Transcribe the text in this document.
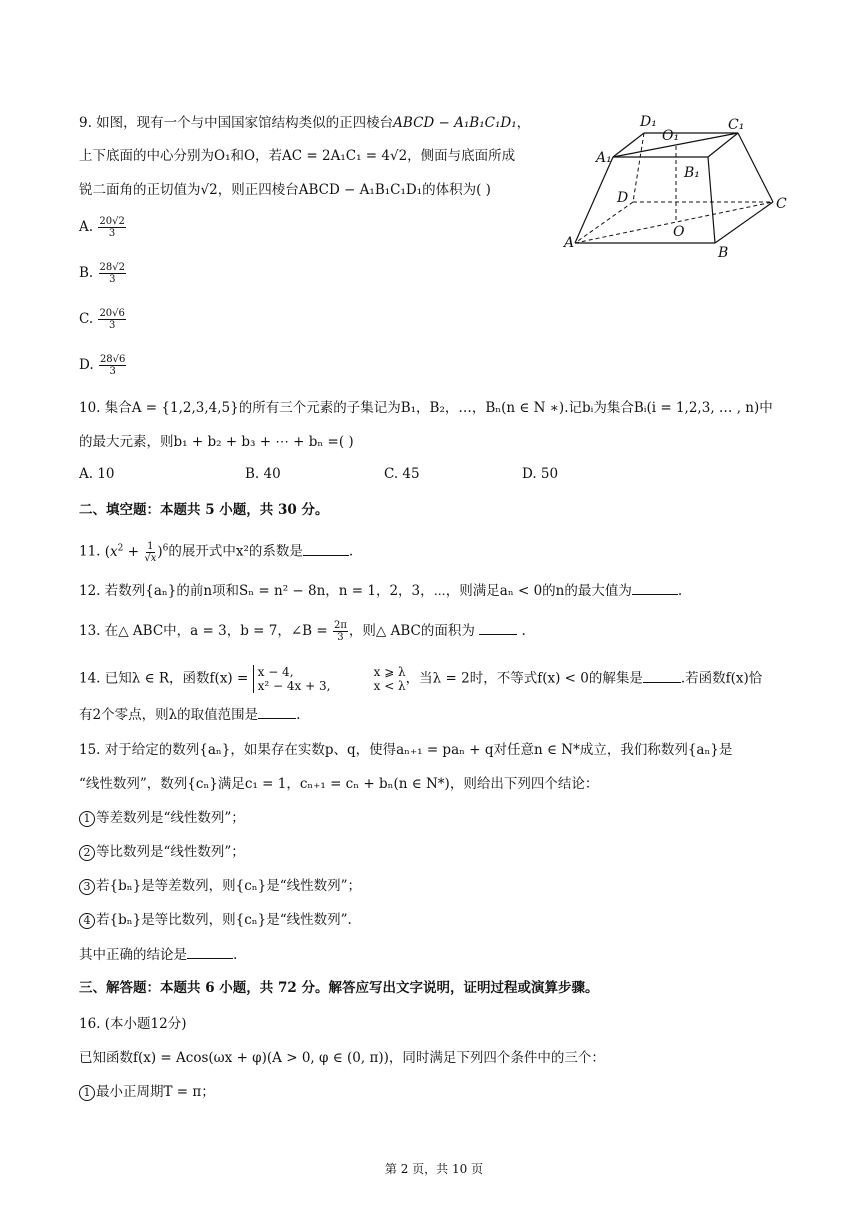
9. 如图，现有一个与中国国家馆结构类似的正四棱台ABCD − A₁B₁C₁D₁，
上下底面的中心分别为O₁和O，若AC = 2A₁C₁ = 4√2，侧面与底面所成
锐二面角的正切值为√2，则正四棱台ABCD − A₁B₁C₁D₁的体积为( )
A. $\frac{20√2}{3}$
B. $\frac{28√2}{3}$
C. $\frac{20√6}{3}$
D. $\frac{28√6}{3}$
D₁
O₁
C₁
A₁
B₁
D	C
O
A
B
10. 集合A = {1,2,3,4,5}的所有三个元素的子集记为B₁，B₂，…，Bₙ(n ∈ N ∗).记bᵢ为集合Bᵢ(i = 1,2,3, … , n)中
的最大元素，则b₁ + b₂ + b₃ + ⋯ + bₙ =( )
A. 10	B. 40	C. 45	D. 50
二、填空题：本题共 5 小题，共 30 分。
11. $(x^2 + \frac{1}{√x} )^6$的展开式中x²的系数是	.
12. 若数列{aₙ}的前n项和Sₙ = n² − 8n，n = 1，2，3，⋯，则满足aₙ < 0的n的最大值为	.
13. 在△ ABC中，a = 3，b = 7，∠B = $\frac{2\pi}{3}$ ，则△ ABC的面积为	.
14. 已知λ ∈ R，函数f(x) = x − 4,	x ⩾ λ
x² − 4x + 3,	x < λ ，当λ = 2时，不等式f(x) < 0的解集是	.若函数f(x)恰
有2个零点，则λ的取值范围是	.
15. 对于给定的数列{aₙ}，如果存在实数p、q，使得aₙ₊₁ = paₙ + q对任意n ∈ N*成立，我们称数列{aₙ}是
“线性数列”，数列{cₙ}满足c₁ = 1，cₙ₊₁ = cₙ + bₙ(n ∈ N*)，则给出下列四个结论：
1 等差数列是“线性数列”；
2 等比数列是“线性数列”；
3 若{bₙ}是等差数列，则{cₙ}是“线性数列”；
4 若{bₙ}是等比数列，则{cₙ}是“线性数列”.
其中正确的结论是	.
三、解答题：本题共 6 小题，共 72 分。解答应写出文字说明，证明过程或演算步骤。
16. (本小题12分)
已知函数f(x) = Acos(ωx + φ)(A > 0, φ ∈ (0, π))，同时满足下列四个条件中的三个：
1 最小正周期T = π；
第 2 页，共 10 页
